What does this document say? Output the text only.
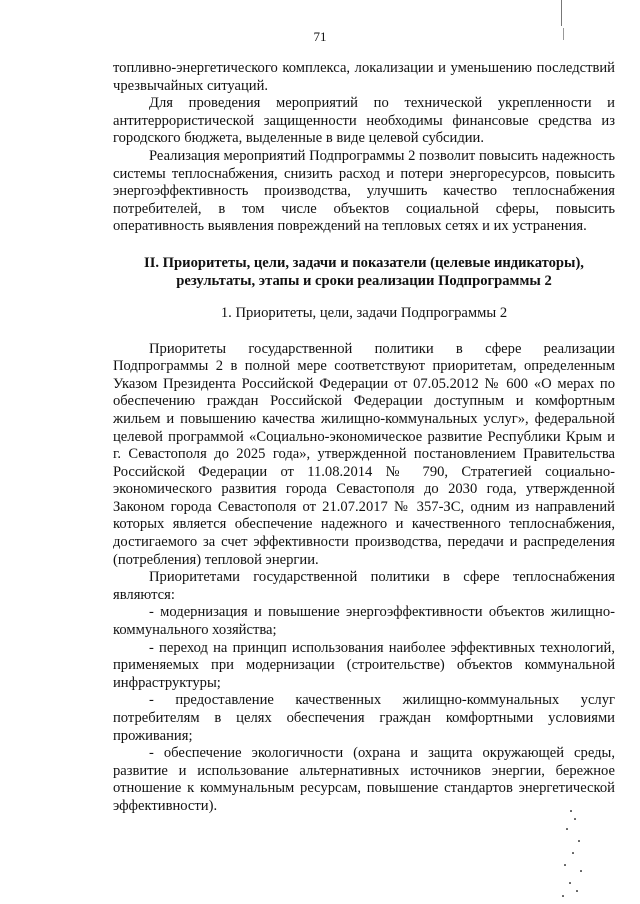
71

топливно-энергетического комплекса, локализации и уменьшению последствий чрезвычайных ситуаций.

Для проведения мероприятий по технической укрепленности и антитеррористической защищенности необходимы финансовые средства из городского бюджета, выделенные в виде целевой субсидии.

Реализация мероприятий Подпрограммы 2 позволит повысить надежность системы теплоснабжения, снизить расход и потери энергоресурсов, повысить энергоэффективность производства, улучшить качество теплоснабжения потребителей, в том числе объектов социальной сферы, повысить оперативность выявления повреждений на тепловых сетях и их устранения.

II. Приоритеты, цели, задачи и показатели (целевые индикаторы), результаты, этапы и сроки реализации Подпрограммы 2
1. Приоритеты, цели, задачи Подпрограммы 2

Приоритеты государственной политики в сфере реализации Подпрограммы 2 в полной мере соответствуют приоритетам, определенным Указом Президента Российской Федерации от 07.05.2012 № 600 «О мерах по обеспечению граждан Российской Федерации доступным и комфортным жильем и повышению качества жилищно-коммунальных услуг», федеральной целевой программой «Социально-экономическое развитие Республики Крым и г. Севастополя до 2025 года», утвержденной постановлением Правительства Российской Федерации от 11.08.2014 № 790, Стратегией социально-экономического развития города Севастополя до 2030 года, утвержденной Законом города Севастополя от 21.07.2017 № 357-ЗС, одним из направлений которых является обеспечение надежного и качественного теплоснабжения, достигаемого за счет эффективности производства, передачи и распределения (потребления) тепловой энергии.

Приоритетами государственной политики в сфере теплоснабжения являются:

- модернизация и повышение энергоэффективности объектов жилищно-коммунального хозяйства;

- переход на принцип использования наиболее эффективных технологий, применяемых при модернизации (строительстве) объектов коммунальной инфраструктуры;

- предоставление качественных жилищно-коммунальных услуг потребителям в целях обеспечения граждан комфортными условиями проживания;

- обеспечение экологичности (охрана и защита окружающей среды, развитие и использование альтернативных источников энергии, бережное отношение к коммунальным ресурсам, повышение стандартов энергетической эффективности).
